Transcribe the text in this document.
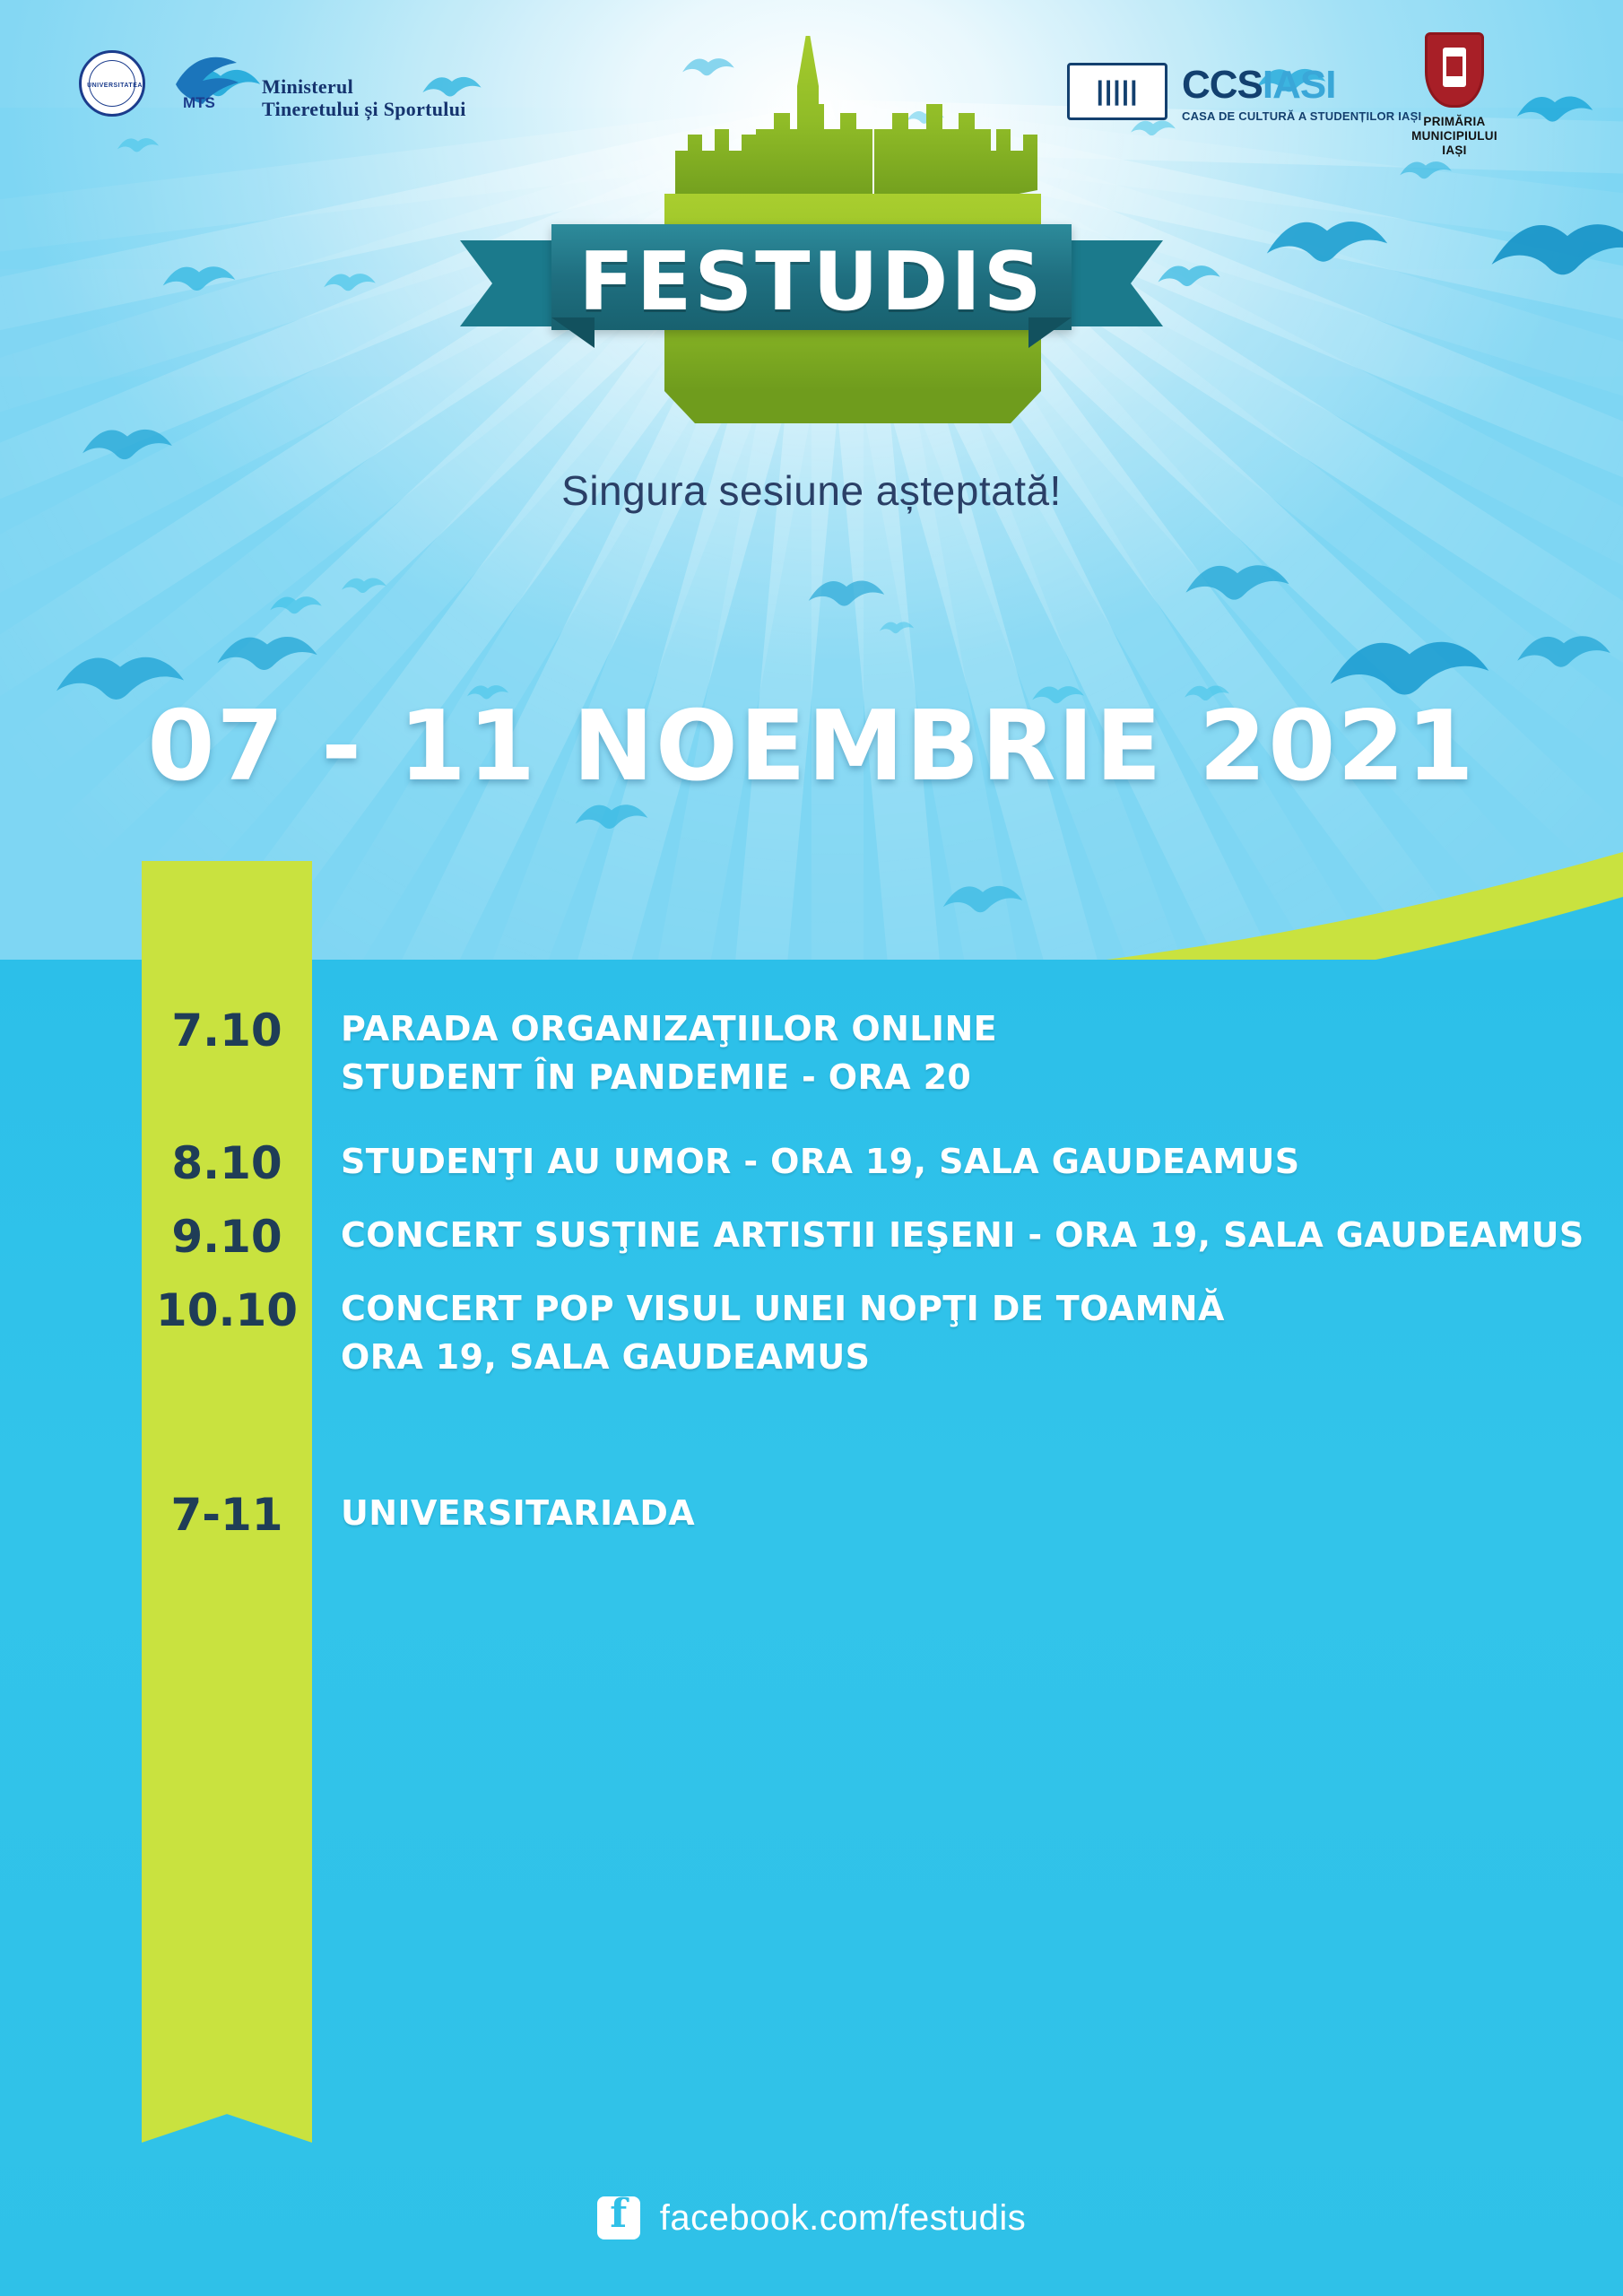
UNIVERSITATEA
MTS
Ministerul
Tineretului și Sportului
||||| CCSIASI
CASA DE CULTURĂ A STUDENȚILOR IAȘI PRIMĂRIA
MUNICIPIULUI
IAȘI
FESTUDIS
Singura sesiune așteptată!
07 - 11 NOEMBRIE 2021
7.10	PARADA ORGANIZAŢIILOR ONLINE
STUDENT ÎN PANDEMIE - ORA 20
8.10	STUDENŢI AU UMOR - ORA 19, SALA GAUDEAMUS
9.10	CONCERT SUSŢINE ARTISTII IEŞENI - ORA 19, SALA GAUDEAMUS
10.10 CONCERT POP VISUL UNEI NOPŢI DE TOAMNĂ
ORA 19, SALA GAUDEAMUS
7-11	UNIVERSITARIADA
f
facebook.com/festudis
